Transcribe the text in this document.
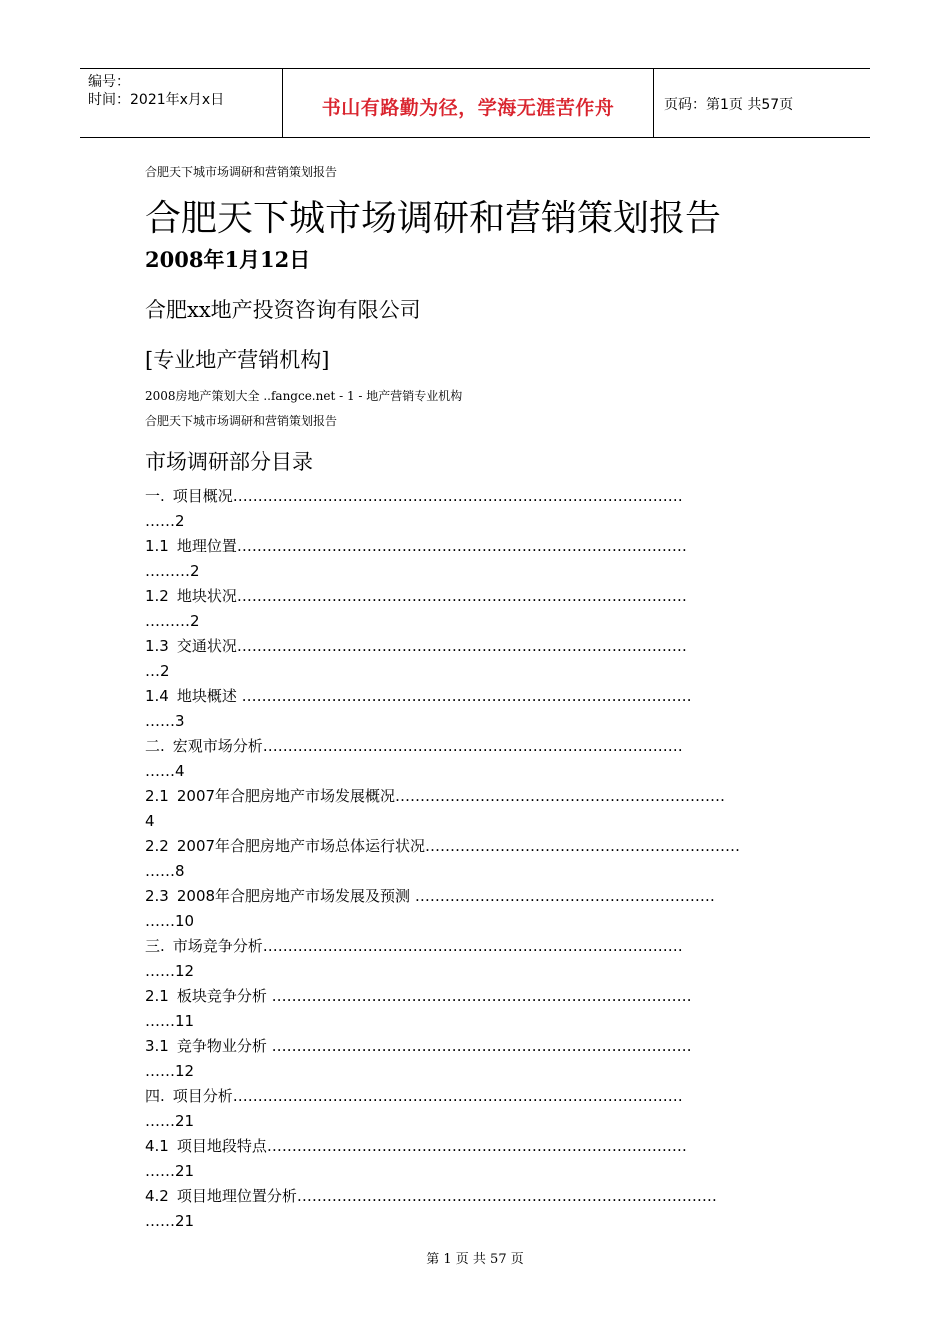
编号：
时间：2021年x月x日	书山有路勤为径，学海无涯苦作舟	页码：第1页 共57页
合肥天下城市场调研和营销策划报告
合肥天下城市场调研和营销策划报告
2008年1月12日
合肥xx地产投资咨询有限公司
[专业地产营销机构]
2008房地产策划大全 ..fangce.net - 1 - 地产营销专业机构
合肥天下城市场调研和营销策划报告
市场调研部分目录
一. 项目概况………………………………………………………………………………
……2
1.1 地理位置………………………………………………………………………………
………2
1.2 地块状况………………………………………………………………………………
………2
1.3 交通状况………………………………………………………………………………
…2
1.4 地块概述 ………………………………………………………………………………
……3
二. 宏观市场分析…………………………………………………………………………
……4
2.1 2007年合肥房地产市场发展概况…………………………………………………………
4
2.2 2007年合肥房地产市场总体运行状况………………………………………………………
……8
2.3 2008年合肥房地产市场发展及预测 ……………………………………………………
……10
三. 市场竞争分析…………………………………………………………………………
……12
2.1 板块竞争分析 …………………………………………………………………………
……11
3.1 竞争物业分析 …………………………………………………………………………
……12
四. 项目分析………………………………………………………………………………
……21
4.1 项目地段特点…………………………………………………………………………
……21
4.2 项目地理位置分析…………………………………………………………………………
……21
第 1 页 共 57 页
